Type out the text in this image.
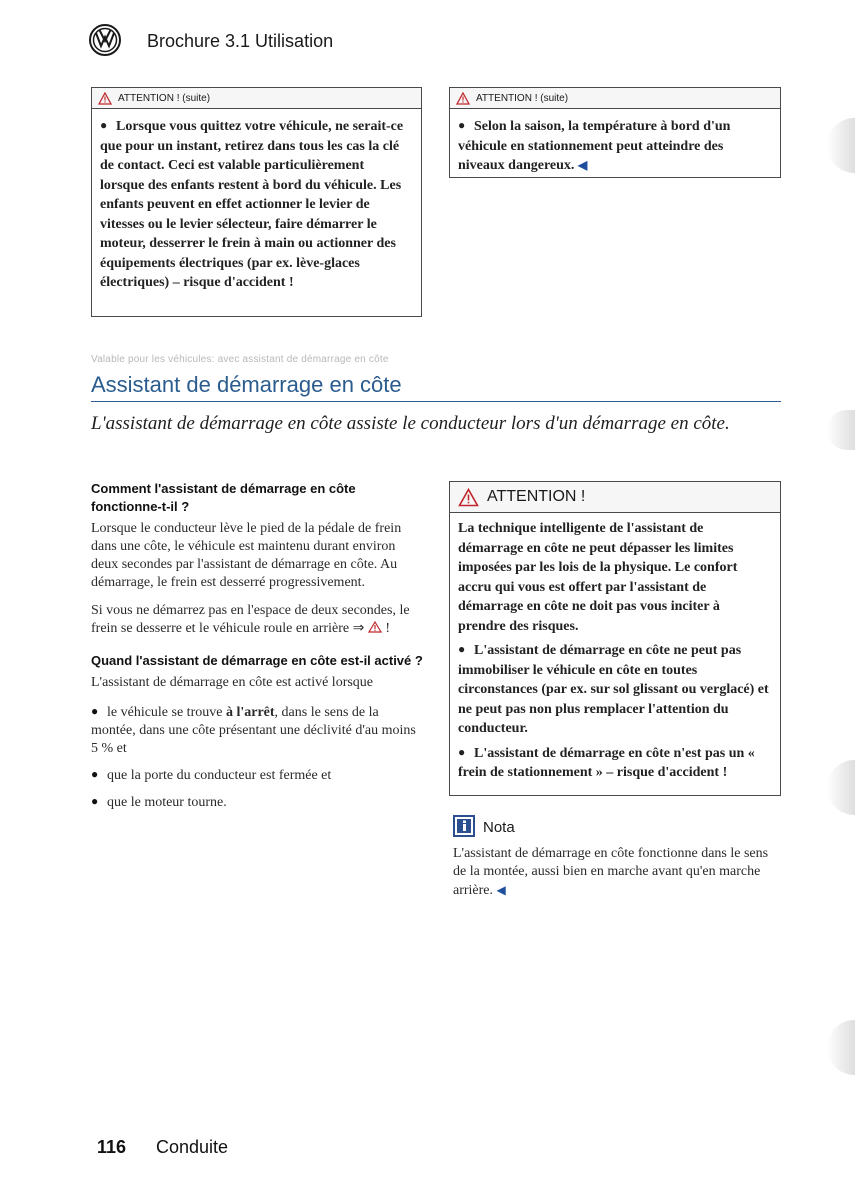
Brochure 3.1 Utilisation
ATTENTION ! (suite)

● Lorsque vous quittez votre véhicule, ne serait-ce que pour un instant, retirez dans tous les cas la clé de contact. Ceci est valable particulièrement lorsque des enfants restent à bord du véhicule. Les enfants peuvent en effet actionner le levier de vitesses ou le levier sélecteur, faire démarrer le moteur, desserrer le frein à main ou actionner des équipements électriques (par ex. lève-glaces électriques) – risque d'accident !

ATTENTION ! (suite)

● Selon la saison, la température à bord d'un véhicule en stationnement peut atteindre des niveaux dangereux. ◀

Valable pour les véhicules: avec assistant de démarrage en côte
Assistant de démarrage en côte
L'assistant de démarrage en côte assiste le conducteur lors d'un démarrage en côte.

Comment l'assistant de démarrage en côte fonctionne-t-il ?

Lorsque le conducteur lève le pied de la pédale de frein dans une côte, le véhicule est maintenu durant environ deux secondes par l'assistant de démarrage en côte. Au démarrage, le frein est desserré progressivement.

Si vous ne démarrez pas en l'espace de deux secondes, le frein se desserre et le véhicule roule en arrière ⇒ !

Quand l'assistant de démarrage en côte est-il activé ?

L'assistant de démarrage en côte est activé lorsque

● le véhicule se trouve à l'arrêt, dans le sens de la montée, dans une côte présentant une déclivité d'au moins 5 % et

● que la porte du conducteur est fermée et

● que le moteur tourne.

ATTENTION !

La technique intelligente de l'assistant de démarrage en côte ne peut dépasser les limites imposées par les lois de la physique. Le confort accru qui vous est offert par l'assistant de démarrage en côte ne doit pas vous inciter à prendre des risques.

● L'assistant de démarrage en côte ne peut pas immobiliser le véhicule en côte en toutes circonstances (par ex. sur sol glissant ou verglacé) et ne peut pas non plus remplacer l'attention du conducteur.

● L'assistant de démarrage en côte n'est pas un « frein de stationnement » – risque d'accident !

Nota
L'assistant de démarrage en côte fonctionne dans le sens de la montée, aussi bien en marche avant qu'en marche arrière. ◀
116 Conduite
